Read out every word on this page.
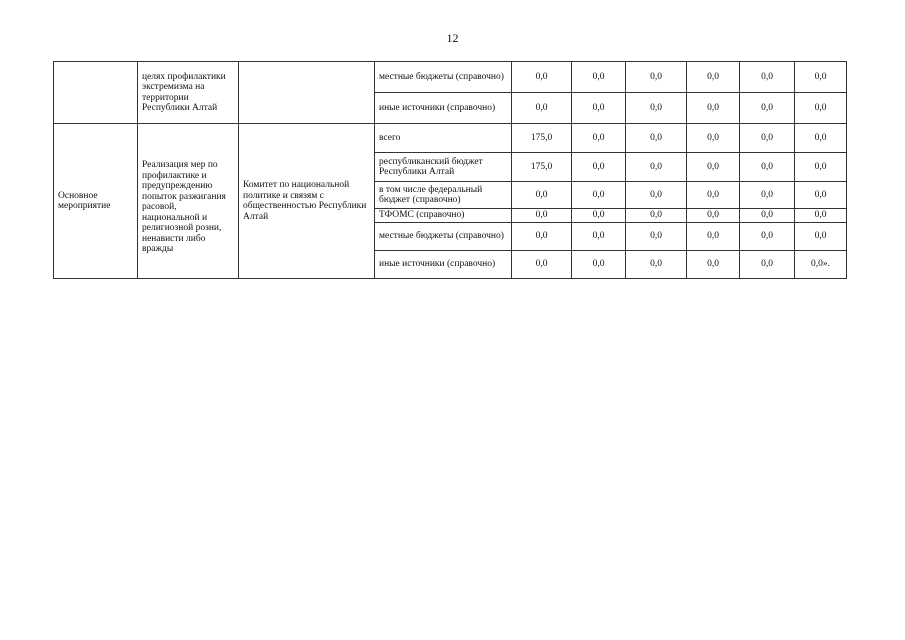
12
	целях профилактики экстремизма на территории Республики Алтай		местные бюджеты (справочно)	0,0	0,0	0,0	0,0	0,0	0,0
			иные источники (справочно)	0,0	0,0	0,0	0,0	0,0	0,0
Основное мероприятие	Реализация мер по профилактике и предупреждению попыток разжигания расовой, национальной и религиозной розни, ненависти либо вражды	Комитет по национальной политике и связям с общественностью Республики Алтай	всего	175,0	0,0	0,0	0,0	0,0	0,0
			республиканский бюджет Республики Алтай	175,0	0,0	0,0	0,0	0,0	0,0
			в том числе федеральный бюджет (справочно)	0,0	0,0	0,0	0,0	0,0	0,0
			ТФОМС (справочно)	0,0	0,0	0,0	0,0	0,0	0,0
			местные бюджеты (справочно)	0,0	0,0	0,0	0,0	0,0	0,0
			иные источники (справочно)	0,0	0,0	0,0	0,0	0,0	0,0».
